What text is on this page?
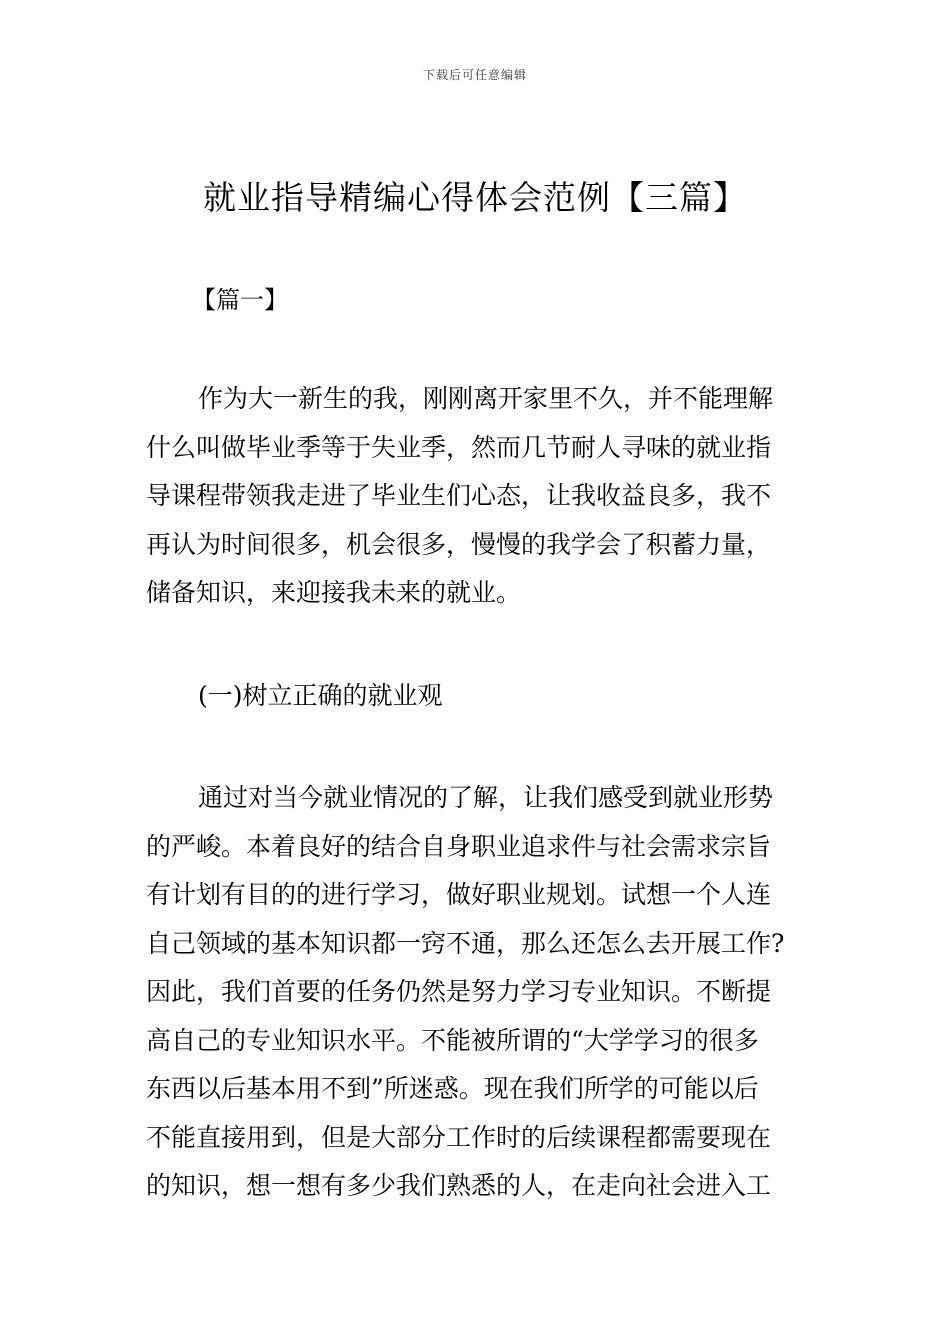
下载后可任意编辑
就业指导精编心得体会范例【三篇】
【篇一】
作为大一新生的我，刚刚离开家里不久，并不能理解
什么叫做毕业季等于失业季，然而几节耐人寻味的就业指
导课程带领我走进了毕业生们心态，让我收益良多，我不
再认为时间很多，机会很多，慢慢的我学会了积蓄力量，
储备知识，来迎接我未来的就业。
(一)树立正确的就业观
通过对当今就业情况的了解，让我们感受到就业形势
的严峻。本着良好的结合自身职业追求件与社会需求宗旨
有计划有目的的进行学习，做好职业规划。试想一个人连
自己领域的基本知识都一窍不通，那么还怎么去开展工作?
因此，我们首要的任务仍然是努力学习专业知识。不断提
高自己的专业知识水平。不能被所谓的“大学学习的很多
东西以后基本用不到”所迷惑。现在我们所学的可能以后
不能直接用到，但是大部分工作时的后续课程都需要现在
的知识，想一想有多少我们熟悉的人，在走向社会进入工
